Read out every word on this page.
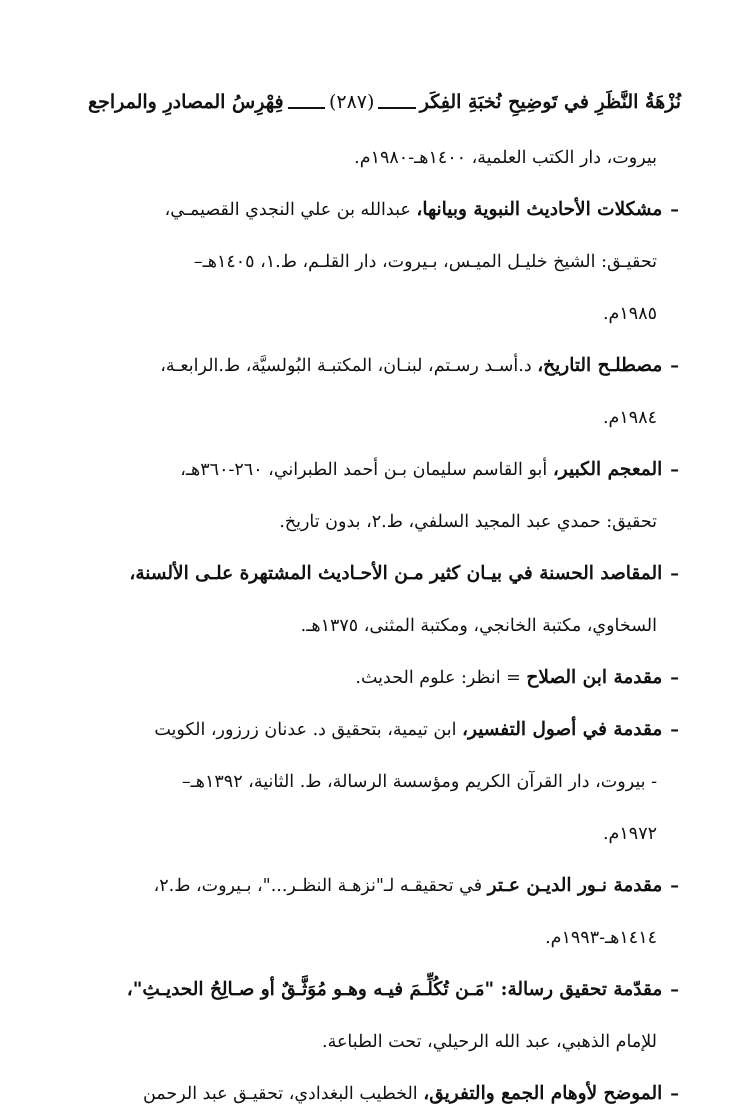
نُزْهَةُ النَّظَرِ في تَوضِيحِ نُخبَةِ الفِكَر
(٢٨٧)
فِهْرِسُ المصادرِ والمراجع
بيروت، دار الكتب العلمية، ١٤٠٠هـ-١٩٨٠م.
–مشكلات الأحاديث النبوية وبيانها، عبدالله بن علي النجدي القصيمـي،
تحقيـق: الشيخ خليـل الميـس، بـيروت، دار القلـم، ط.١، ١٤٠٥هـ–
١٩٨٥م.
–مصطلـح التاريخ، د.أسـد رسـتم، لبنـان، المكتبـة البُولسيَّة، ط.الرابعـة،
١٩٨٤م.
–المعجم الكبير، أبو القاسم سليمان بـن أحمد الطبراني، ٢٦٠-٣٦٠هـ،
تحقيق: حمدي عبد المجيد السلفي، ط.٢، بدون تاريخ.
–المقاصد الحسنة في بيـان كثير مـن الأحـاديث المشتهرة علـى الألسنة،
السخاوي، مكتبة الخانجي، ومكتبة المثنى، ١٣٧٥هـ.
–مقدمة ابن الصلاح = انظر: علوم الحديث.
–مقدمة في أصول التفسير، ابن تيمية، بتحقيق د. عدنان زرزور، الكويت
- بيروت، دار القرآن الكريم ومؤسسة الرسالة، ط. الثانية، ١٣٩٢هـ–
١٩٧٢م.
–مقدمة نـور الديـن عـتر في تحقيقـه لـ"نزهـة النظـر..."، بـيروت، ط.٢،
١٤١٤هـ-١٩٩٣م.
–مقدّمة تحقيق رسالة: "مَـن تُكُلِّـمَ فيـه وهـو مُوَثَّـقٌ أو صـالِحُ الحديـثِ"،
للإمام الذهبي، عبد الله الرحيلي، تحت الطباعة.
–الموضح لأوهام الجمع والتفريق، الخطيب البغدادي، تحقيـق عبد الرحمن
